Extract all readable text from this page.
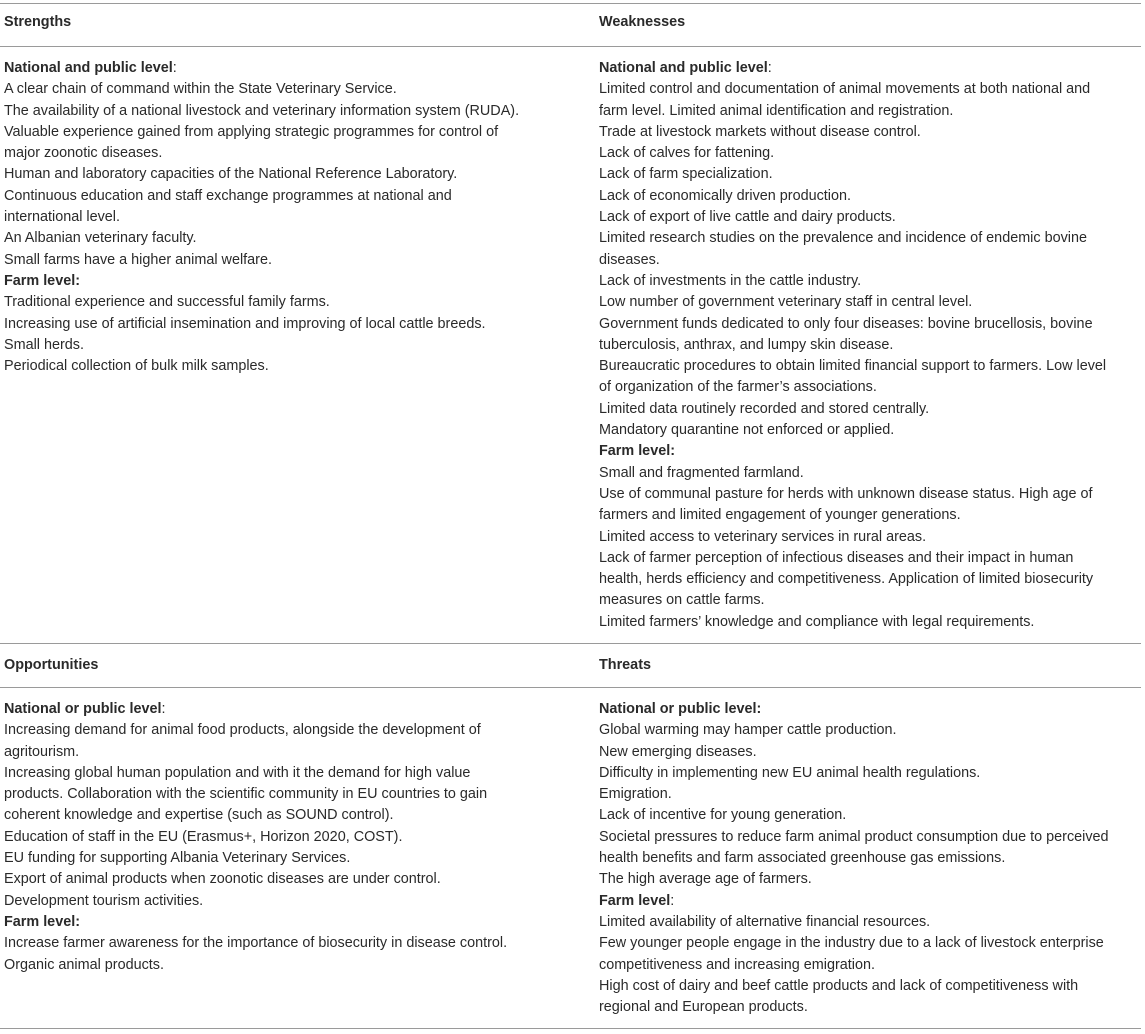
Strengths	Weaknesses
National and public level:
A clear chain of command within the State Veterinary Service.
The availability of a national livestock and veterinary information system (RUDA).
Valuable experience gained from applying strategic programmes for control of
major zoonotic diseases.
Human and laboratory capacities of the National Reference Laboratory.
Continuous education and staff exchange programmes at national and
international level.
An Albanian veterinary faculty.
Small farms have a higher animal welfare.
Farm level:
Traditional experience and successful family farms.
Increasing use of artificial insemination and improving of local cattle breeds.
Small herds.
Periodical collection of bulk milk samples.
National and public level:
Limited control and documentation of animal movements at both national and
farm level. Limited animal identification and registration.
Trade at livestock markets without disease control.
Lack of calves for fattening.
Lack of farm specialization.
Lack of economically driven production.
Lack of export of live cattle and dairy products.
Limited research studies on the prevalence and incidence of endemic bovine
diseases.
Lack of investments in the cattle industry.
Low number of government veterinary staff in central level.
Government funds dedicated to only four diseases: bovine brucellosis, bovine
tuberculosis, anthrax, and lumpy skin disease.
Bureaucratic procedures to obtain limited financial support to farmers. Low level
of organization of the farmer’s associations.
Limited data routinely recorded and stored centrally.
Mandatory quarantine not enforced or applied.
Farm level:
Small and fragmented farmland.
Use of communal pasture for herds with unknown disease status. High age of
farmers and limited engagement of younger generations.
Limited access to veterinary services in rural areas.
Lack of farmer perception of infectious diseases and their impact in human
health, herds efficiency and competitiveness. Application of limited biosecurity
measures on cattle farms.
Limited farmers’ knowledge and compliance with legal requirements.
Opportunities	Threats
National or public level:
Increasing demand for animal food products, alongside the development of
agritourism.
Increasing global human population and with it the demand for high value
products. Collaboration with the scientific community in EU countries to gain
coherent knowledge and expertise (such as SOUND control).
Education of staff in the EU (Erasmus+, Horizon 2020, COST).
EU funding for supporting Albania Veterinary Services.
Export of animal products when zoonotic diseases are under control.
Development tourism activities.
Farm level:
Increase farmer awareness for the importance of biosecurity in disease control.
Organic animal products.
National or public level:
Global warming may hamper cattle production.
New emerging diseases.
Difficulty in implementing new EU animal health regulations.
Emigration.
Lack of incentive for young generation.
Societal pressures to reduce farm animal product consumption due to perceived
health benefits and farm associated greenhouse gas emissions.
The high average age of farmers.
Farm level:
Limited availability of alternative financial resources.
Few younger people engage in the industry due to a lack of livestock enterprise
competitiveness and increasing emigration.
High cost of dairy and beef cattle products and lack of competitiveness with
regional and European products.
